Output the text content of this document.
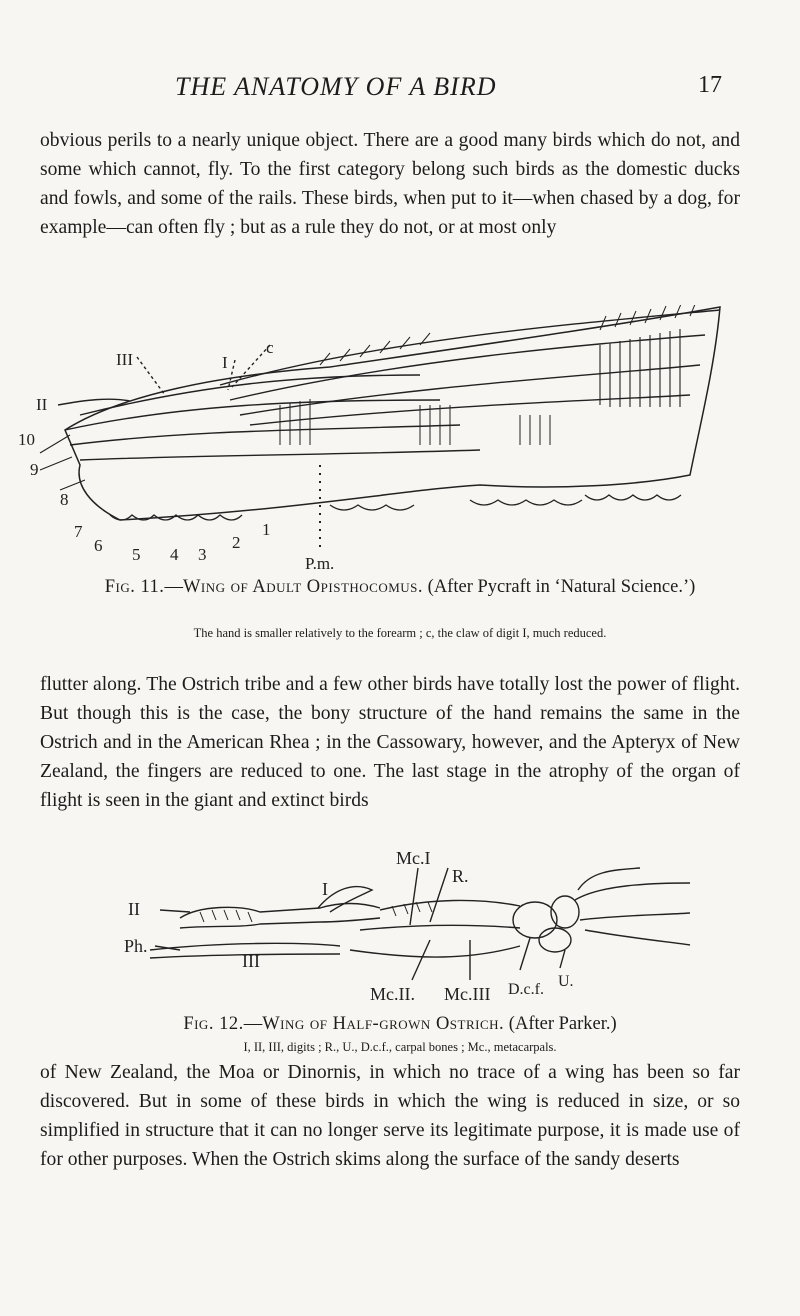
THE ANATOMY OF A BIRD	17

obvious perils to a nearly unique object. There are a good many birds which do not, and some which cannot, fly. To the first category belong such birds as the domestic ducks and fowls, and some of the rails. These birds, when put to it—when chased by a dog, for example—can often fly ; but as a rule they do not, or at most only

c
I
III
II
10
9
8
7
6 5 4 3
2
1
P.m.

Fig. 11.—Wing of Adult Opisthocomus. (After Pycraft in ‘Natural Science.’)

The hand is smaller relatively to the forearm ; c, the claw of digit I, much reduced.

flutter along. The Ostrich tribe and a few other birds have totally lost the power of flight. But though this is the case, the bony structure of the hand remains the same in the Ostrich and in the American Rhea ; in the Cassowary, however, and the Apteryx of New Zealand, the fingers are reduced to one. The last stage in the atrophy of the organ of flight is seen in the giant and extinct birds

Mc.I
R.
I
II
Ph.
III
Mc.II. Mc.III D.c.f. U.

Fig. 12.—Wing of Half-grown Ostrich. (After Parker.)

I, II, III, digits ; R., U., D.c.f., carpal bones ; Mc., metacarpals.

of New Zealand, the Moa or Dinornis, in which no trace of a wing has been so far discovered. But in some of these birds in which the wing is reduced in size, or so simplified in structure that it can no longer serve its legitimate purpose, it is made use of for other purposes. When the Ostrich skims along the surface of the sandy deserts
